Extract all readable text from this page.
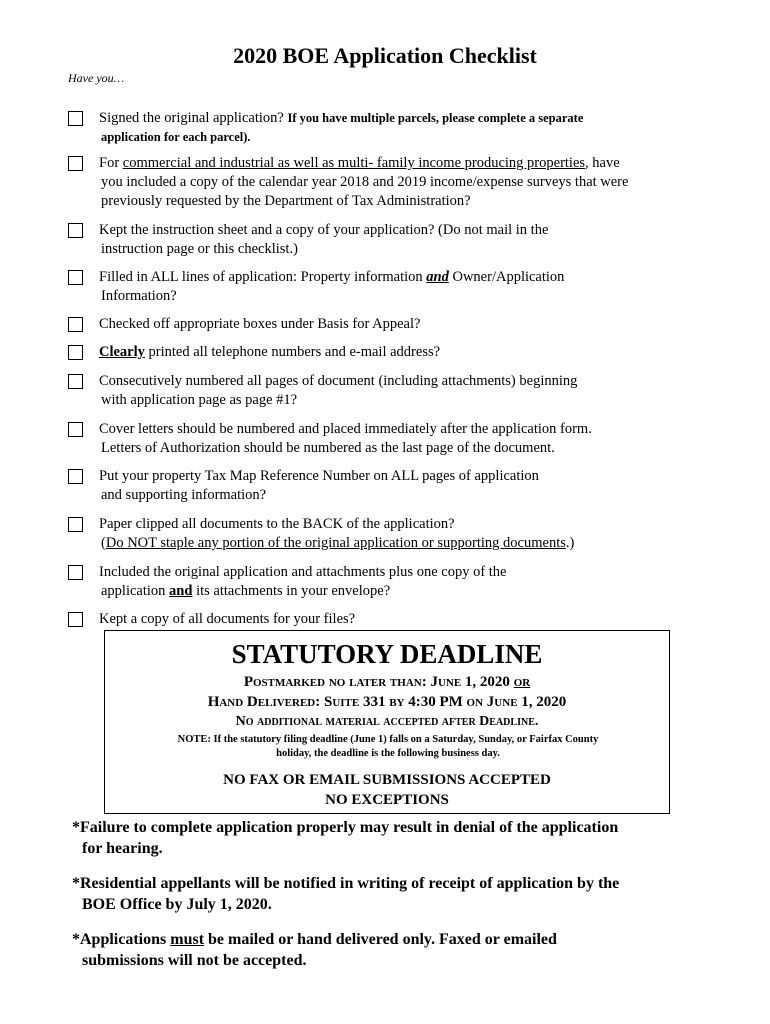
2020 BOE Application Checklist
Have you…
Signed the original application? If you have multiple parcels, please complete a separate
application for each parcel).
For commercial and industrial as well as multi- family income producing properties, have
you included a copy of the calendar year 2018 and 2019 income/expense surveys that were
previously requested by the Department of Tax Administration?
Kept the instruction sheet and a copy of your application? (Do not mail in the
instruction page or this checklist.)
Filled in ALL lines of application: Property information and Owner/Application
Information?
Checked off appropriate boxes under Basis for Appeal?
Clearly printed all telephone numbers and e-mail address?
Consecutively numbered all pages of document (including attachments) beginning
with application page as page #1?
Cover letters should be numbered and placed immediately after the application form.
Letters of Authorization should be numbered as the last page of the document.
Put your property Tax Map Reference Number on ALL pages of application
and supporting information?
Paper clipped all documents to the BACK of the application?
(Do NOT staple any portion of the original application or supporting documents.)
Included the original application and attachments plus one copy of the
application and its attachments in your envelope?
Kept a copy of all documents for your files?
STATUTORY DEADLINE
Postmarked no later than: June 1, 2020 or
Hand Delivered: Suite 331 by 4:30 PM on June 1, 2020
No additional material accepted after Deadline.
NOTE: If the statutory filing deadline (June 1) falls on a Saturday, Sunday, or Fairfax County
holiday, the deadline is the following business day.
NO FAX OR EMAIL SUBMISSIONS ACCEPTED
NO EXCEPTIONS
*Failure to complete application properly may result in denial of the application
for hearing.
*Residential appellants will be notified in writing of receipt of application by the
BOE Office by July 1, 2020.
*Applications must be mailed or hand delivered only. Faxed or emailed
submissions will not be accepted.
